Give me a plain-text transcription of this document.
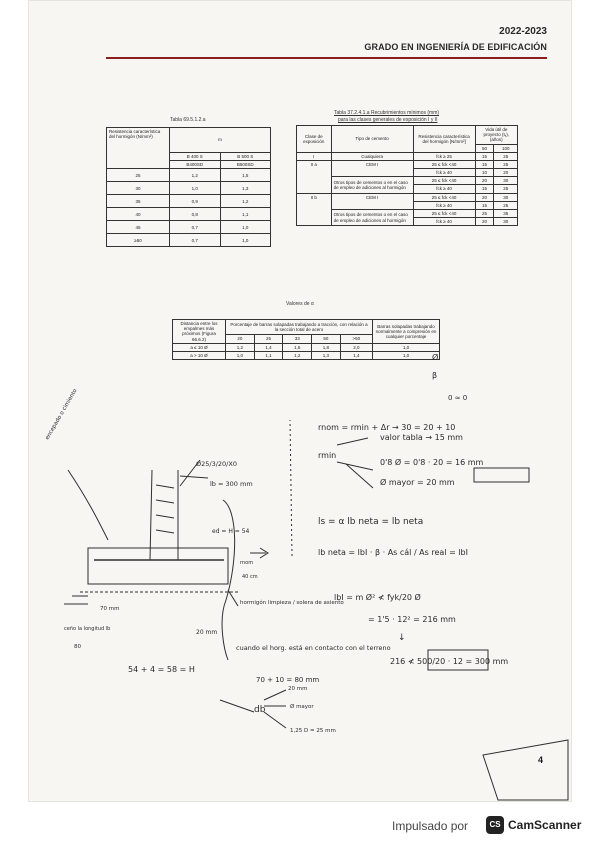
2022-2023
GRADO EN INGENIERÍA DE EDIFICACIÓN
Tabla 69.5.1.2.a
Resistencia característica del hormigón (N/mm²)	m	
	B 400 S	B 500 S
	B400SD	B500SD
25	1,2	1,5
30	1,0	1,3
35	0,9	1,2
40	0,8	1,1
45	0,7	1,0
≥50	0,7	1,0
Tabla 37.2.4.1.a Recubrimientos mínimos (mm)
para las clases generales de exposición I y II
Clase de exposición	Tipo de cemento	Resistencia característica del hormigón [N/mm²]	Vida útil de proyecto (tᵧ), (años)	
			50	100
I	Cualquiera	fck ≥ 25	15	25
II a	CEM I	25 ≤ fck <40	15	25
		fck ≥ 40	10	20
	Otros tipos de cementos o en el caso de empleo de adiciones al hormigón	25 ≤ fck <40	20	30
		fck ≥ 40	15	25
II b	CEM I	25 ≤ fck <40	20	30
		fck ≥ 40	15	25
	Otros tipos de cementos o en el caso de empleo de adiciones al hormigón	25 ≤ fck <40	25	35
		fck ≥ 40	20	30
Valores de α
Distancia entre los empalmes más próximos (Figura 66.6.2)	Porcentaje de barras solapadas trabajando a tracción, con relación a la sección total de acero					Barras solapadas trabajando normalmente a compresión en cualquier porcentaje
	20	25	33	50	>50	
a ≤ 10 Ø	1,2	1,4	1,6	1,8	2,0	1,0
a > 10 Ø	1,0	1,1	1,2	1,3	1,4	1,0
rnom = rmin + Δr → 30 = 20 + 10
valor tabla → 15 mm
rmin
0'8 Ø = 0'8 · 20 = 16 mm
Ø mayor = 20 mm
ls = α lb neta = lb neta
lb neta = lbI · β · As cál / As real = lbI
lbI = m Ø² ≮ fyk/20 Ø
= 1'5 · 12² = 216 mm
↓
216 ≮ 500/20 · 12 = 300 mm
Ø25/3/20/X0
lb = 300 mm
ed = H = 54
rnom
40 cm
hormigón limpieza / solera de asiento
20 mm
cuando el horg. está en contacto con el terreno
70 + 10 = 80 mm
54 + 4 = 58 = H
db
20 mm
Ø mayor
1,25 D = 25 mm
encepado o cimiento
ceño la longitud lb
80
70 mm
Ø
β
0 ≈ 0
4
Impulsado por	CS CamScanner
